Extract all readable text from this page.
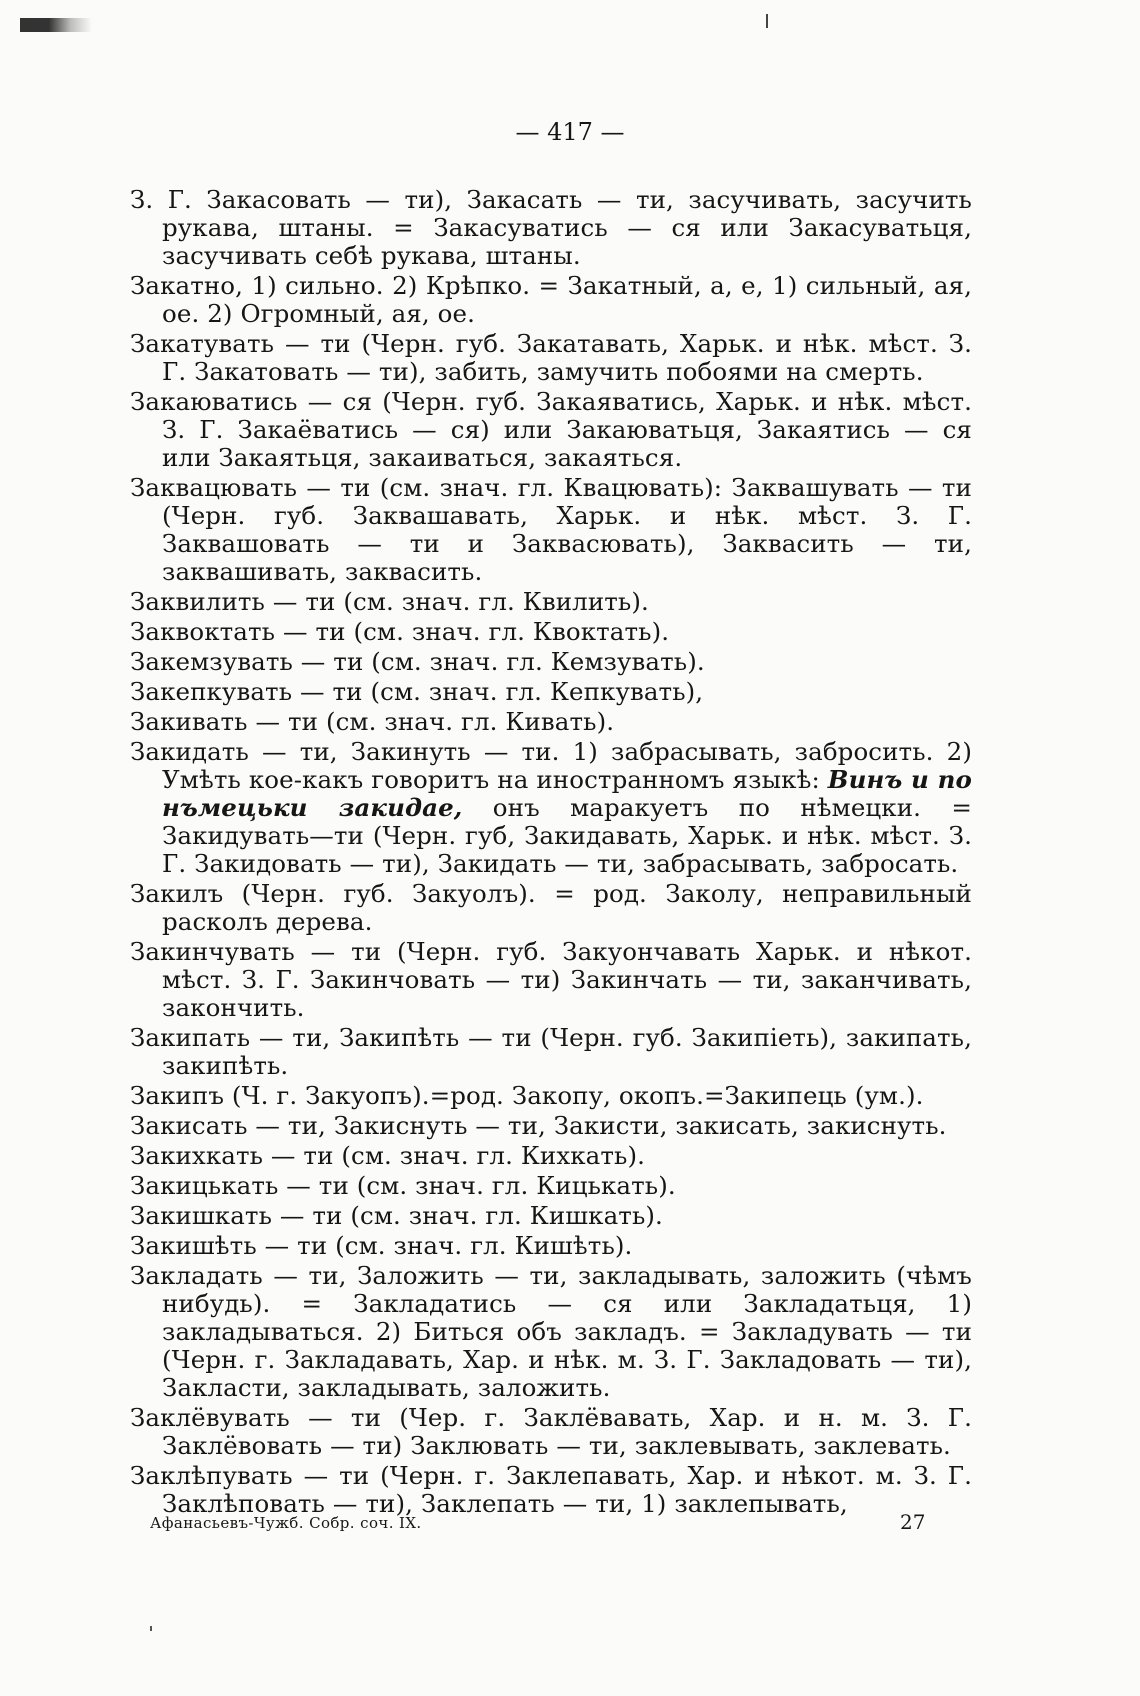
— 417 —

З. Г. Закасовать — ти), Закасать — ти, засучивать, засучить рукава, штаны. = Закасуватись — ся или Закасуватьця, засучивать себѣ рукава, штаны.

Закатно, 1) сильно. 2) Крѣпко. = Закатный, а, е, 1) сильный, ая, ое. 2) Огромный, ая, ое.

Закатувать — ти (Черн. губ. Закатавать, Харьк. и нѣк. мѣст. З. Г. Закатовать — ти), забить, замучить побоями на смерть.

Закаюватись — ся (Черн. губ. Закаяватись, Харьк. и нѣк. мѣст. З. Г. Закаёватись — ся) или Закаюватьця, Закаятись — ся или Закаятьця, закаиваться, закаяться.

Заквацювать — ти (см. знач. гл. Квацювать): Заквашувать — ти (Черн. губ. Заквашавать, Харьк. и нѣк. мѣст. З. Г. Заквашовать — ти и Заквасювать), Заквасить — ти, заквашивать, заквасить.

Заквилить — ти (см. знач. гл. Квилить).

Заквоктать — ти (см. знач. гл. Квоктать).

Закемзувать — ти (см. знач. гл. Кемзувать).

Закепкувать — ти (см. знач. гл. Кепкувать),

Закивать — ти (см. знач. гл. Кивать).

Закидать — ти, Закинуть — ти. 1) забрасывать, забросить. 2) Умѣть кое-какъ говоритъ на иностранномъ языкѣ: Винъ и по нъмецьки закидае, онъ маракуетъ по нѣмецки. = Закидувать—ти (Черн. губ, Закидавать, Харьк. и нѣк. мѣст. З. Г. Закидовать — ти), Закидать — ти, забрасывать, забросать.

Закилъ (Черн. губ. Закуолъ). = род. Заколу, неправильный расколъ дерева.

Закинчувать — ти (Черн. губ. Закуончавать Харьк. и нѣкот. мѣст. З. Г. Закинчовать — ти) Закинчать — ти, заканчивать, закончить.

Закипать — ти, Закипѣть — ти (Черн. губ. Закипіеть), закипать, закипѣть.

Закипъ (Ч. г. Закуопъ).=род. Закопу, окопъ.=Закипець (ум.).

Закисать — ти, Закиснуть — ти, Закисти, закисать, закиснуть.

Закихкать — ти (см. знач. гл. Кихкать).

Закицькать — ти (см. знач. гл. Кицькать).

Закишкать — ти (см. знач. гл. Кишкать).

Закишѣть — ти (см. знач. гл. Кишѣть).

Закладать — ти, Заложить — ти, закладывать, заложить (чѣмъ нибудь). = Закладатись — ся или Закладатьця, 1) закладываться. 2) Биться объ закладъ. = Закладувать — ти (Черн. г. Закладавать, Хар. и нѣк. м. З. Г. Закладовать — ти), Закласти, закладывать, заложить.

Заклёвувать — ти (Чер. г. Заклёвавать, Хар. и н. м. З. Г. Заклёвовать — ти) Заклювать — ти, заклевывать, заклевать.

Заклѣпувать — ти (Черн. г. Заклепавать, Хар. и нѣкот. м. З. Г. Заклѣповать — ти), Заклепать — ти, 1) заклепывать,

Афанасьевъ-Чужб. Собр. соч. IX.	27
